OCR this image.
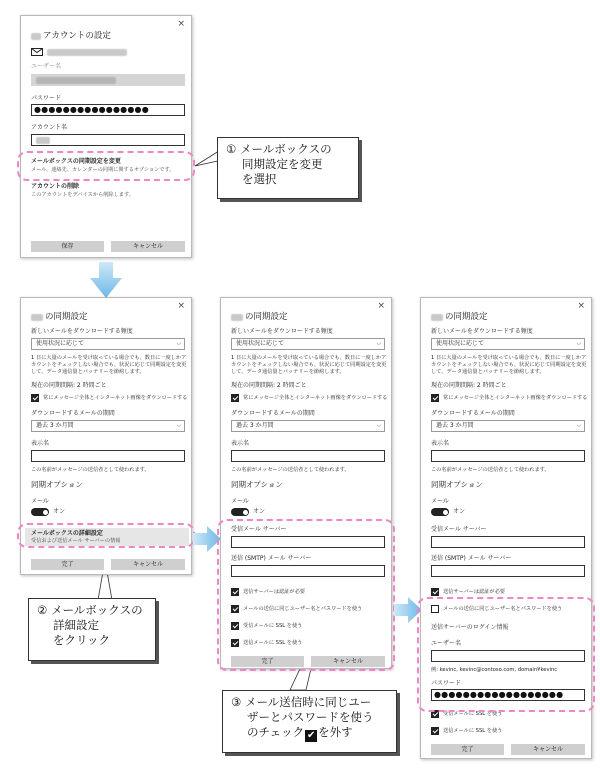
×
アカウントの設定
ユーザー名
パスワード
●●●●●●●●●●●●●●●●
アカウント名
メールボックスの同期設定を変更
メール、連絡先、カレンダーの同期に関するオプションです。
アカウントの削除
このアカウントをデバイスから削除します。
保存	キャンセル
① メールボックスの
同期設定を変更
を選択
×
の同期設定
新しいメールをダウンロードする頻度
使用状況に応じて	⌵
1 日に大量のメールを受け取っている場合でも、数日に一度しかアカウントをチェックしない場合でも、状況に応じて同期設定を変更して、データ通信量とバッテリーを節約します。
現在の同期間隔: 2 時間ごと
常にメッセージ全体とインターネット画像をダウンロードする
ダウンロードするメールの期間
過去 3 か月間	⌵
表示名
この名前がメッセージの送信者として使われます。
同期オプション
メール
オン
メールボックスの詳細設定
受信および送信メール サーバーの情報
完了	キャンセル
② メールボックスの
詳細設定
をクリック
×
の同期設定
新しいメールをダウンロードする頻度
使用状況に応じて	⌵
1 日に大量のメールを受け取っている場合でも、数日に一度しかアカウントをチェックしない場合でも、状況に応じて同期設定を変更して、データ通信量とバッテリーを節約します。
現在の同期間隔: 2 時間ごと
常にメッセージ全体とインターネット画像をダウンロードする
ダウンロードするメールの期間
過去 3 か月間	⌵
表示名
この名前がメッセージの送信者として使われます。
同期オプション
メール
オン
受信メール サーバー
送信 (SMTP) メール サーバー
送信サーバーは認証が必要
メールの送信に同じユーザー名とパスワードを使う
受信メールに SSL を使う
送信メールに SSL を使う
完了	キャンセル
③ メール送信時に同じユー
ザーとパスワードを使う
のチェック ✔ を外す
×
の同期設定
新しいメールをダウンロードする頻度
使用状況に応じて	⌵
1 日に大量のメールを受け取っている場合でも、数日に一度しかアカウントをチェックしない場合でも、状況に応じて同期設定を変更して、データ通信量とバッテリーを節約します。
現在の同期間隔: 2 時間ごと
常にメッセージ全体とインターネット画像をダウンロードする
ダウンロードするメールの期間
過去 3 か月間	⌵
表示名
この名前がメッセージの送信者として使われます。
同期オプション
メール
オン
受信メール サーバー
送信 (SMTP) メール サーバー
送信サーバーは認証が必要
メールの送信に同じユーザー名とパスワードを使う
送信サーバーのログイン情報
ユーザー名
例: kevinc, kevinc@contoso.com, domain¥kevinc
パスワード
●●●●●●●●●●●●●●●●●●
受信メールに SSL を使う
送信メールに SSL を使う
完了	キャンセル
